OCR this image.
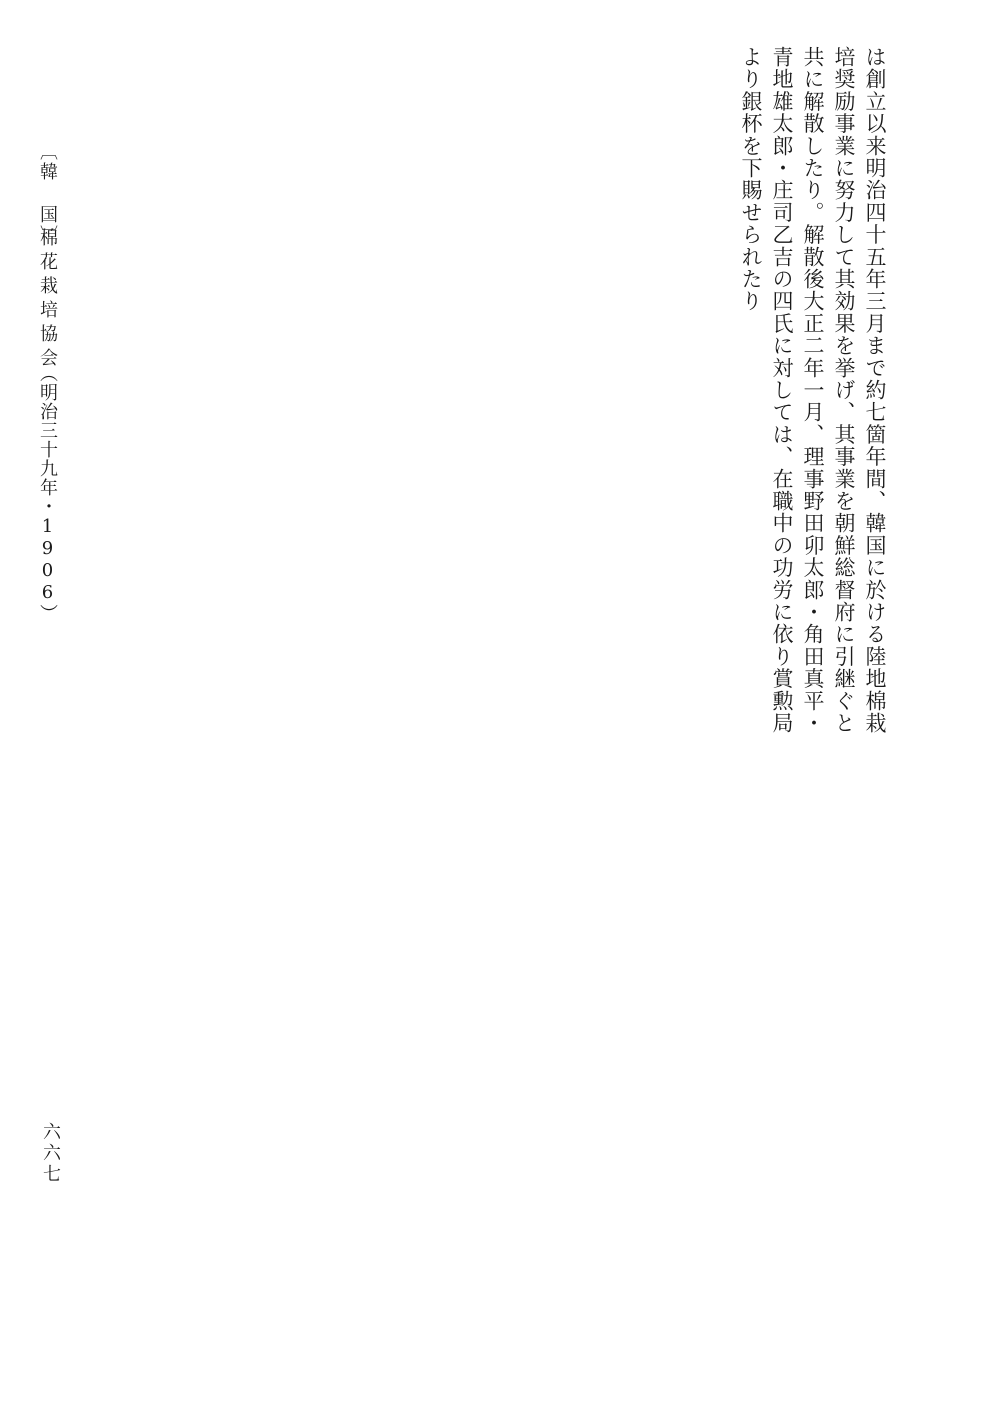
は創立以来明治四十五年三月まで約七箇年間、韓国に於ける陸地棉栽
培奨励事業に努力して其効果を挙げ、其事業を朝鮮総督府に引継ぐと
共に解散したり。解散後大正二年一月、理事野田卯太郎・角田真平・
青地雄太郎・庄司乙吉の四氏に対しては、在職中の功労に依り賞勲局
より銀杯を下賜せられたり
〔韓 国〕
棉花栽培協会
（明治三十九年・1906）
六六七
